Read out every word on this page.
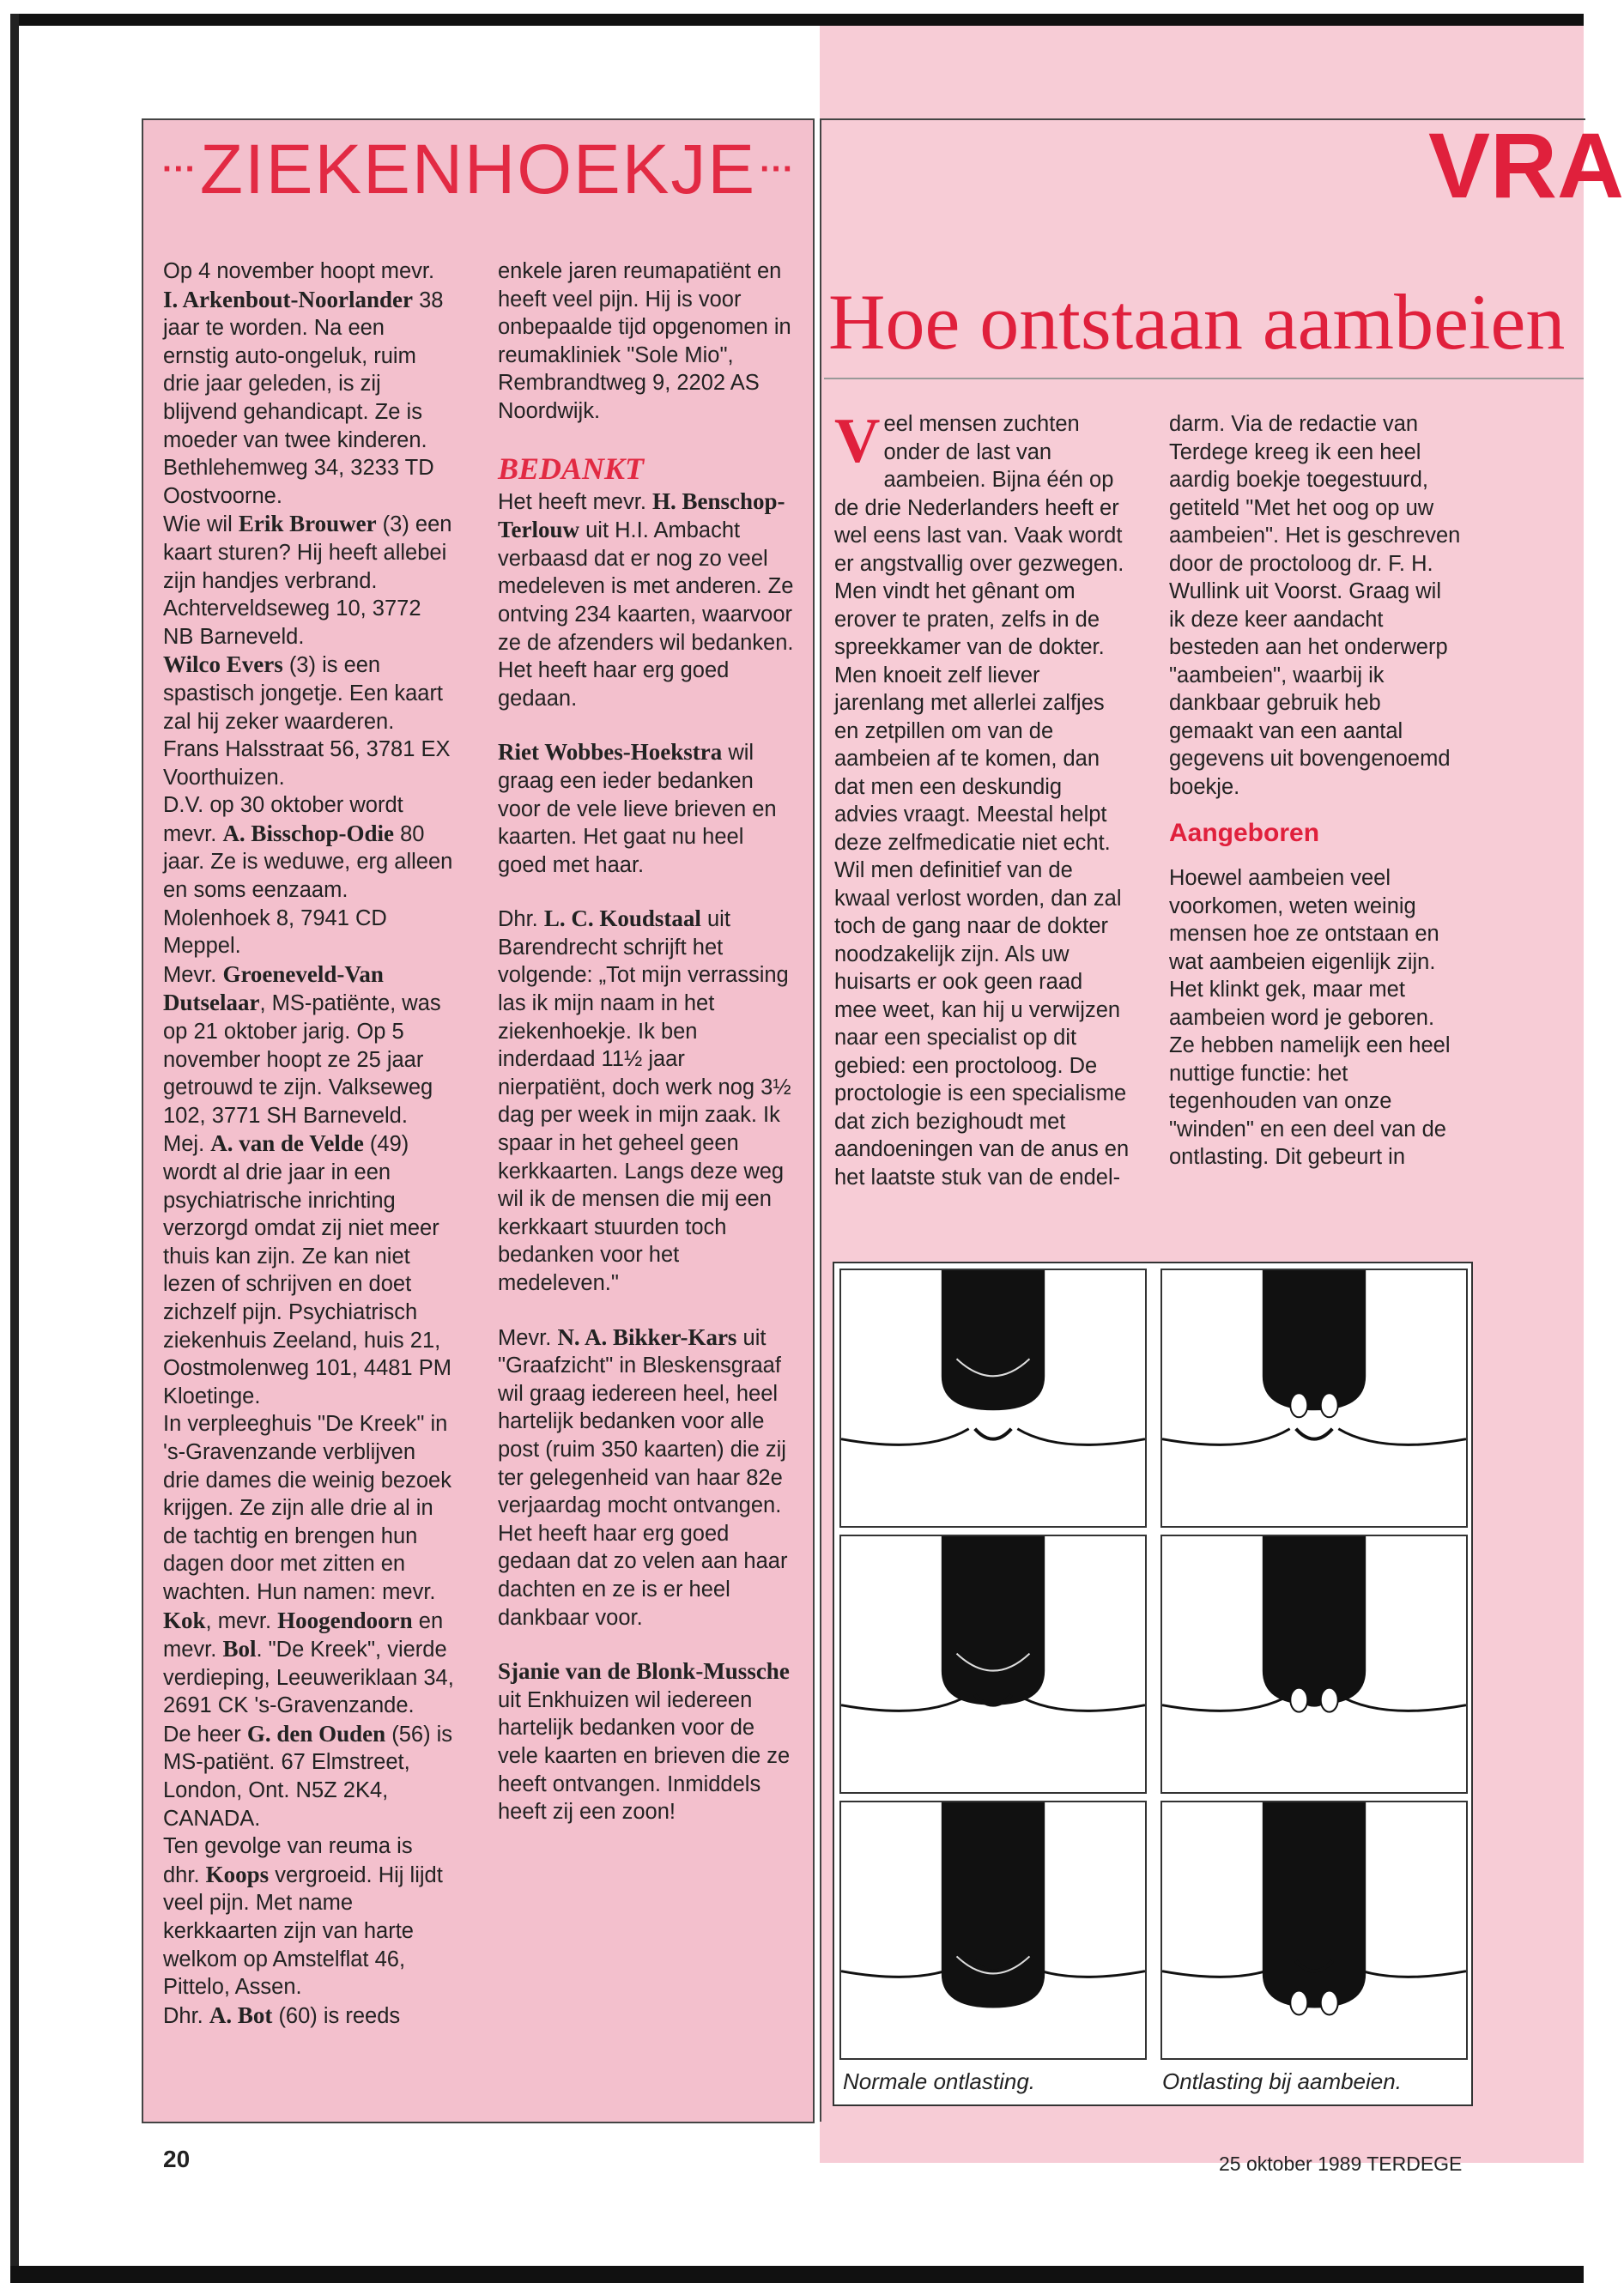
··· ZIEKENHOEKJE ···

Op 4 november hoopt mevr. I. Arkenbout-Noorlander 38 jaar te worden. Na een ernstig auto-ongeluk, ruim drie jaar geleden, is zij blijvend gehandicapt. Ze is moeder van twee kinderen. Bethlehemweg 34, 3233 TD Oostvoorne.

Wie wil Erik Brouwer (3) een kaart sturen? Hij heeft allebei zijn handjes verbrand. Achterveldseweg 10, 3772 NB Barneveld.

Wilco Evers (3) is een spastisch jongetje. Een kaart zal hij zeker waarderen. Frans Halsstraat 56, 3781 EX Voorthuizen.

D.V. op 30 oktober wordt mevr. A. Bisschop-Odie 80 jaar. Ze is weduwe, erg alleen en soms eenzaam. Molenhoek 8, 7941 CD Meppel.

Mevr. Groeneveld-Van Dutselaar, MS-patiënte, was op 21 oktober jarig. Op 5 november hoopt ze 25 jaar getrouwd te zijn. Valkseweg 102, 3771 SH Barneveld.

Mej. A. van de Velde (49) wordt al drie jaar in een psychiatrische inrichting verzorgd omdat zij niet meer thuis kan zijn. Ze kan niet lezen of schrijven en doet zichzelf pijn. Psychiatrisch ziekenhuis Zeeland, huis 21, Oostmolenweg 101, 4481 PM Kloetinge.

In verpleeghuis "De Kreek" in 's-Gravenzande verblijven drie dames die weinig bezoek krijgen. Ze zijn alle drie al in de tachtig en brengen hun dagen door met zitten en wachten. Hun namen: mevr. Kok, mevr. Hoogendoorn en mevr. Bol. "De Kreek", vierde verdieping, Leeuweriklaan 34, 2691 CK 's-Gravenzande.

De heer G. den Ouden (56) is MS-patiënt. 67 Elmstreet, London, Ont. N5Z 2K4, CANADA.

Ten gevolge van reuma is dhr. Koops vergroeid. Hij lijdt veel pijn. Met name kerkkaarten zijn van harte welkom op Amstelflat 46, Pittelo, Assen.

Dhr. A. Bot (60) is reeds

enkele jaren reumapatiënt en heeft veel pijn. Hij is voor onbepaalde tijd opgenomen in reumakliniek "Sole Mio", Rembrandtweg 9, 2202 AS Noordwijk.

BEDANKT

Het heeft mevr. H. Benschop-Terlouw uit H.I. Ambacht verbaasd dat er nog zo veel medeleven is met anderen. Ze ontving 234 kaarten, waarvoor ze de afzenders wil bedanken. Het heeft haar erg goed gedaan.

Riet Wobbes-Hoekstra wil graag een ieder bedanken voor de vele lieve brieven en kaarten. Het gaat nu heel goed met haar.

Dhr. L. C. Koudstaal uit Barendrecht schrijft het volgende: „Tot mijn verrassing las ik mijn naam in het ziekenhoekje. Ik ben inderdaad 11½ jaar nierpatiënt, doch werk nog 3½ dag per week in mijn zaak. Ik spaar in het geheel geen kerkkaarten. Langs deze weg wil ik de mensen die mij een kerkkaart stuurden toch bedanken voor het medeleven."

Mevr. N. A. Bikker-Kars uit "Graafzicht" in Bleskensgraaf wil graag iedereen heel, heel hartelijk bedanken voor alle post (ruim 350 kaarten) die zij ter gelegenheid van haar 82e verjaardag mocht ontvangen. Het heeft haar erg goed gedaan dat zo velen aan haar dachten en ze is er heel dankbaar voor.

Sjanie van de Blonk-Mussche uit Enkhuizen wil iedereen hartelijk bedanken voor de vele kaarten en brieven die ze heeft ontvangen. Inmiddels heeft zij een zoon!

VRA
Hoe ontstaan aambeien

Veel mensen zuchten onder de last van aambeien. Bijna één op de drie Nederlanders heeft er wel eens last van. Vaak wordt er angstvallig over gezwegen. Men vindt het gênant om erover te praten, zelfs in de spreekkamer van de dokter. Men knoeit zelf liever jarenlang met allerlei zalfjes en zetpillen om van de aambeien af te komen, dan dat men een deskundig advies vraagt. Meestal helpt deze zelfmedicatie niet echt. Wil men definitief van de kwaal verlost worden, dan zal toch de gang naar de dokter noodzakelijk zijn. Als uw huisarts er ook geen raad mee weet, kan hij u verwijzen naar een specialist op dit gebied: een proctoloog. De proctologie is een specialisme dat zich bezighoudt met aandoeningen van de anus en het laatste stuk van de endel-

darm. Via de redactie van Terdege kreeg ik een heel aardig boekje toegestuurd, getiteld "Met het oog op uw aambeien". Het is geschreven door de proctoloog dr. F. H. Wullink uit Voorst. Graag wil ik deze keer aandacht besteden aan het onderwerp "aambeien", waarbij ik dankbaar gebruik heb gemaakt van een aantal gegevens uit bovengenoemd boekje.

Aangeboren

Hoewel aambeien veel voorkomen, weten weinig mensen hoe ze ontstaan en wat aambeien eigenlijk zijn. Het klinkt gek, maar met aambeien word je geboren. Ze hebben namelijk een heel nuttige functie: het tegenhouden van onze "winden" en een deel van de ontlasting. Dit gebeurt in

Normale ontlasting.	Ontlasting bij aambeien.
20	25 oktober 1989 TERDEGE
